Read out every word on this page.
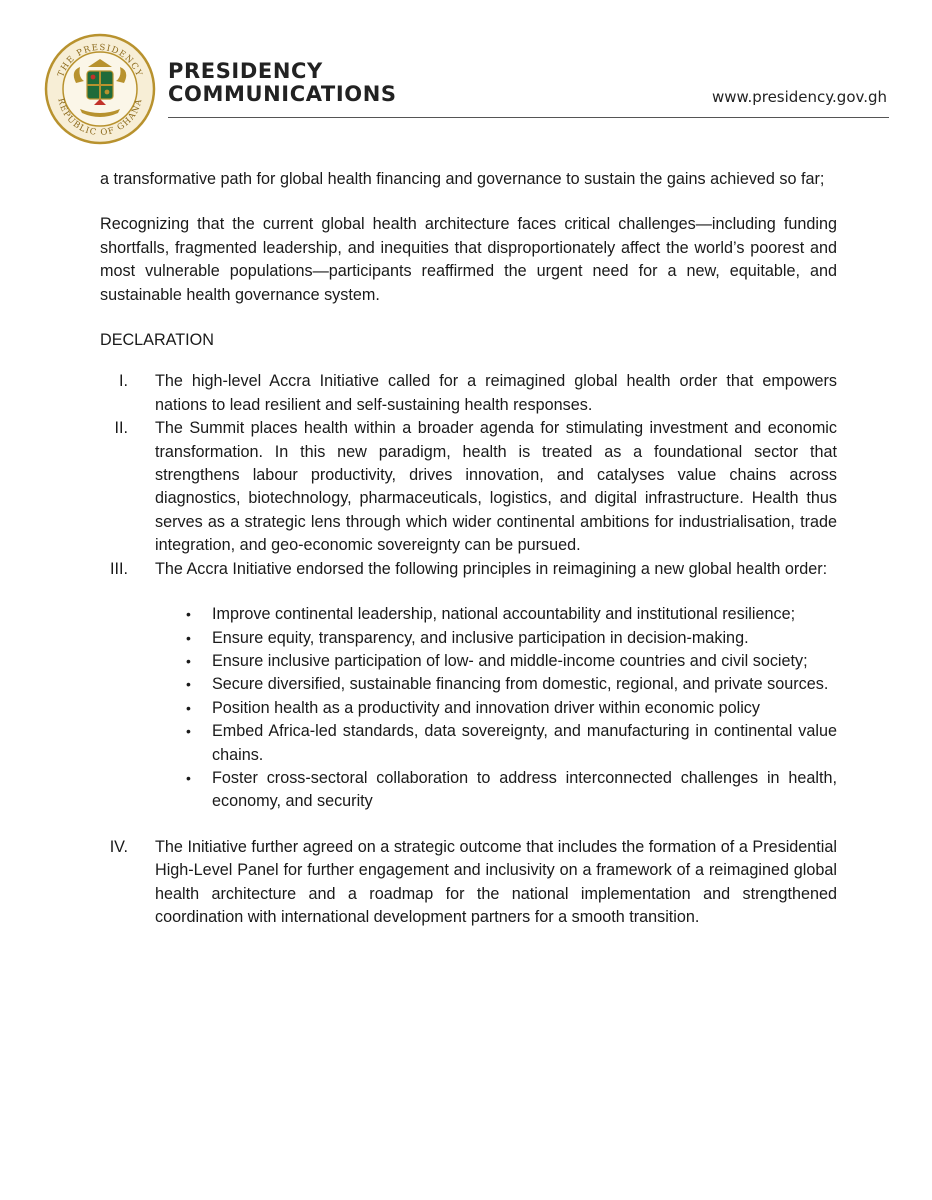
THE PRESIDENCY
REPUBLIC OF GHANA
PRESIDENCY
COMMUNICATIONS	www.presidency.gov.gh

a transformative path for global health financing and governance to sustain the gains achieved so far;

Recognizing that the current global health architecture faces critical challenges—including funding shortfalls, fragmented leadership, and inequities that disproportionately affect the world’s poorest and most vulnerable populations—participants reaffirmed the urgent need for a new, equitable, and sustainable health governance system.

DECLARATION

I. The high-level Accra Initiative called for a reimagined global health order that empowers nations to lead resilient and self-sustaining health responses.
II. The Summit places health within a broader agenda for stimulating investment and economic transformation. In this new paradigm, health is treated as a foundational sector that strengthens labour productivity, drives innovation, and catalyses value chains across diagnostics, biotechnology, pharmaceuticals, logistics, and digital infrastructure. Health thus serves as a strategic lens through which wider continental ambitions for industrialisation, trade integration, and geo-economic sovereignty can be pursued.
III. The Accra Initiative endorsed the following principles in reimagining a new global health order:
• Improve continental leadership, national accountability and institutional resilience;
• Ensure equity, transparency, and inclusive participation in decision-making.
• Ensure inclusive participation of low- and middle-income countries and civil society;
• Secure diversified, sustainable financing from domestic, regional, and private sources.
• Position health as a productivity and innovation driver within economic policy
• Embed Africa-led standards, data sovereignty, and manufacturing in continental value chains.
• Foster cross-sectoral collaboration to address interconnected challenges in health, economy, and security
IV. The Initiative further agreed on a strategic outcome that includes the formation of a Presidential High-Level Panel for further engagement and inclusivity on a framework of a reimagined global health architecture and a roadmap for the national implementation and strengthened coordination with international development partners for a smooth transition.
